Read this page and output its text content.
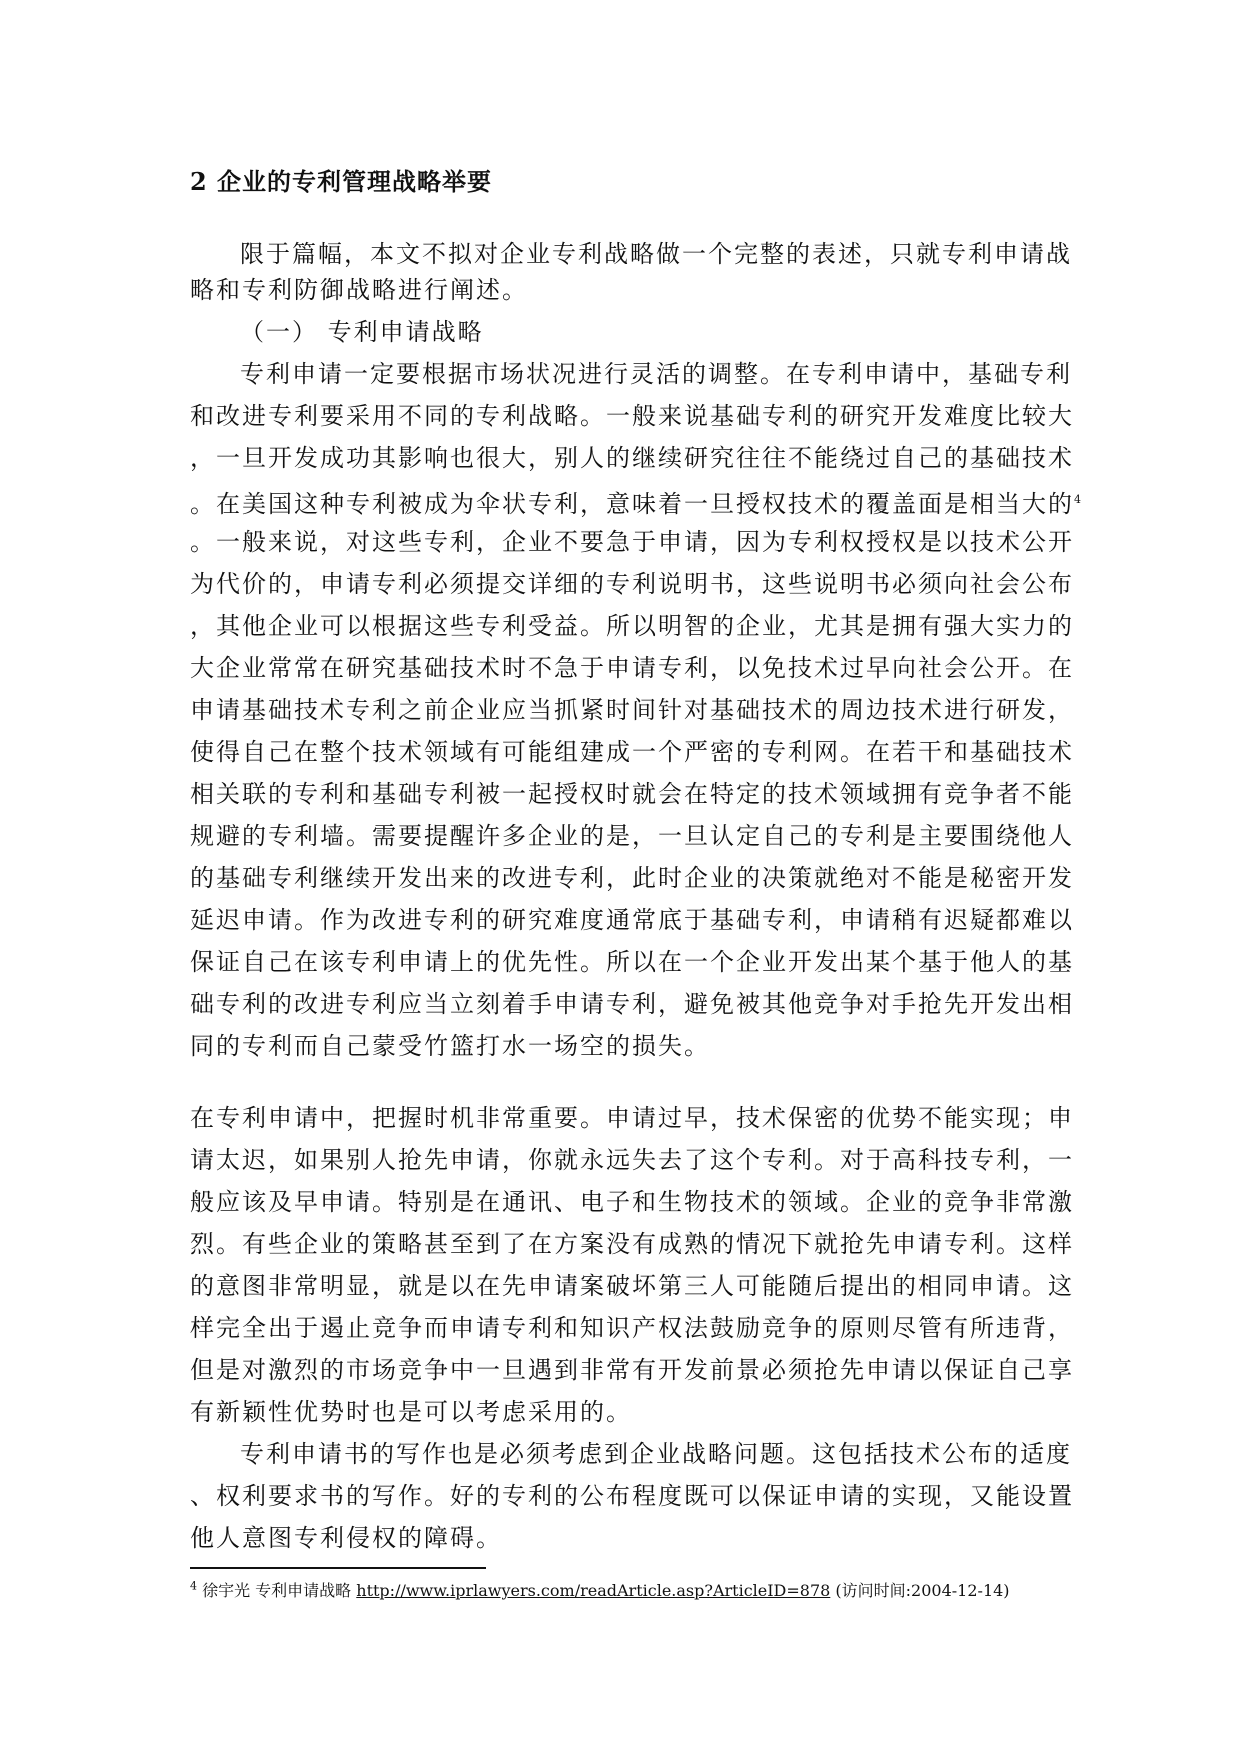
2 企业的专利管理战略举要
限于篇幅，本文不拟对企业专利战略做一个完整的表述，只就专利申请战
略和专利防御战略进行阐述。
（一） 专利申请战略
专利申请一定要根据市场状况进行灵活的调整。在专利申请中，基础专利
和改进专利要采用不同的专利战略。一般来说基础专利的研究开发难度比较大
，一旦开发成功其影响也很大，别人的继续研究往往不能绕过自己的基础技术
。在美国这种专利被成为伞状专利，意味着一旦授权技术的覆盖面是相当大的$^4$
。一般来说，对这些专利，企业不要急于申请，因为专利权授权是以技术公开
为代价的，申请专利必须提交详细的专利说明书，这些说明书必须向社会公布
，其他企业可以根据这些专利受益。所以明智的企业，尤其是拥有强大实力的
大企业常常在研究基础技术时不急于申请专利，以免技术过早向社会公开。在
申请基础技术专利之前企业应当抓紧时间针对基础技术的周边技术进行研发，
使得自己在整个技术领域有可能组建成一个严密的专利网。在若干和基础技术
相关联的专利和基础专利被一起授权时就会在特定的技术领域拥有竞争者不能
规避的专利墙。需要提醒许多企业的是，一旦认定自己的专利是主要围绕他人
的基础专利继续开发出来的改进专利，此时企业的决策就绝对不能是秘密开发
延迟申请。作为改进专利的研究难度通常底于基础专利，申请稍有迟疑都难以
保证自己在该专利申请上的优先性。所以在一个企业开发出某个基于他人的基
础专利的改进专利应当立刻着手申请专利，避免被其他竞争对手抢先开发出相
同的专利而自己蒙受竹篮打水一场空的损失。
在专利申请中，把握时机非常重要。申请过早，技术保密的优势不能实现；申
请太迟，如果别人抢先申请，你就永远失去了这个专利。对于高科技专利，一
般应该及早申请。特别是在通讯、电子和生物技术的领域。企业的竞争非常激
烈。有些企业的策略甚至到了在方案没有成熟的情况下就抢先申请专利。这样
的意图非常明显，就是以在先申请案破坏第三人可能随后提出的相同申请。这
样完全出于遏止竞争而申请专利和知识产权法鼓励竞争的原则尽管有所违背，
但是对激烈的市场竞争中一旦遇到非常有开发前景必须抢先申请以保证自己享
有新颖性优势时也是可以考虑采用的。
专利申请书的写作也是必须考虑到企业战略问题。这包括技术公布的适度
、权利要求书的写作。好的专利的公布程度既可以保证申请的实现，又能设置
他人意图专利侵权的障碍。
$^4$ 徐宇光 专利申请战略 http://www.iprlawyers.com/readArticle.asp?ArticleID=878 (访问时间:2004-12-14)
